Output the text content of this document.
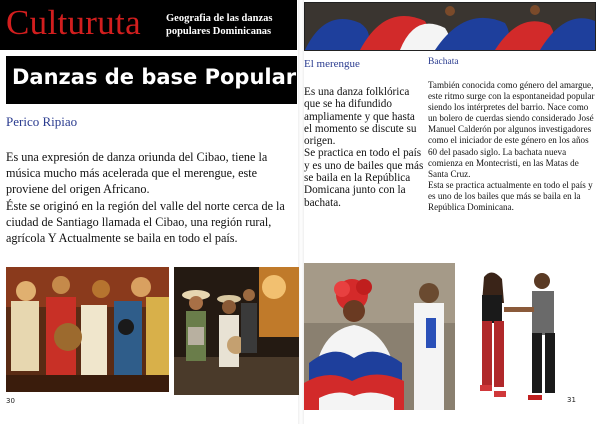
Culturuta Geografia de las danzas populares Dominicanas
Danzas de base Popular
Perico Ripiao

Es una expresión de danza oriunda del Cibao, tiene la música mucho más acelerada que el merengue, este proviene del origen Africano.

Éste se originó en la región del valle del norte cerca de la ciudad de Santiago llamada el Cibao, una región rural, agrícola Y Actualmente se baila en todo el país.

30
El merengue

Es una danza folklórica que se ha difundido ampliamente y que hasta el momento se discute su origen.

Se practica en todo el país y es uno de bailes que más se baila en la República Domicana junto con la bachata.

Bachata

También conocida como género del amargue, este ritmo surge con la espontaneidad popular siendo los intérpretes del barrio. Nace como un bolero de cuerdas siendo considerado José Manuel Calderón por algunos investigadores como el iniciador de este género en los años 60 del pasado siglo. La bachata nueva comienza en Montecristi, en las Matas de Santa Cruz.

Esta se practica actualmente en todo el país y es uno de los bailes que más se baila en la República Dominicana.

31
